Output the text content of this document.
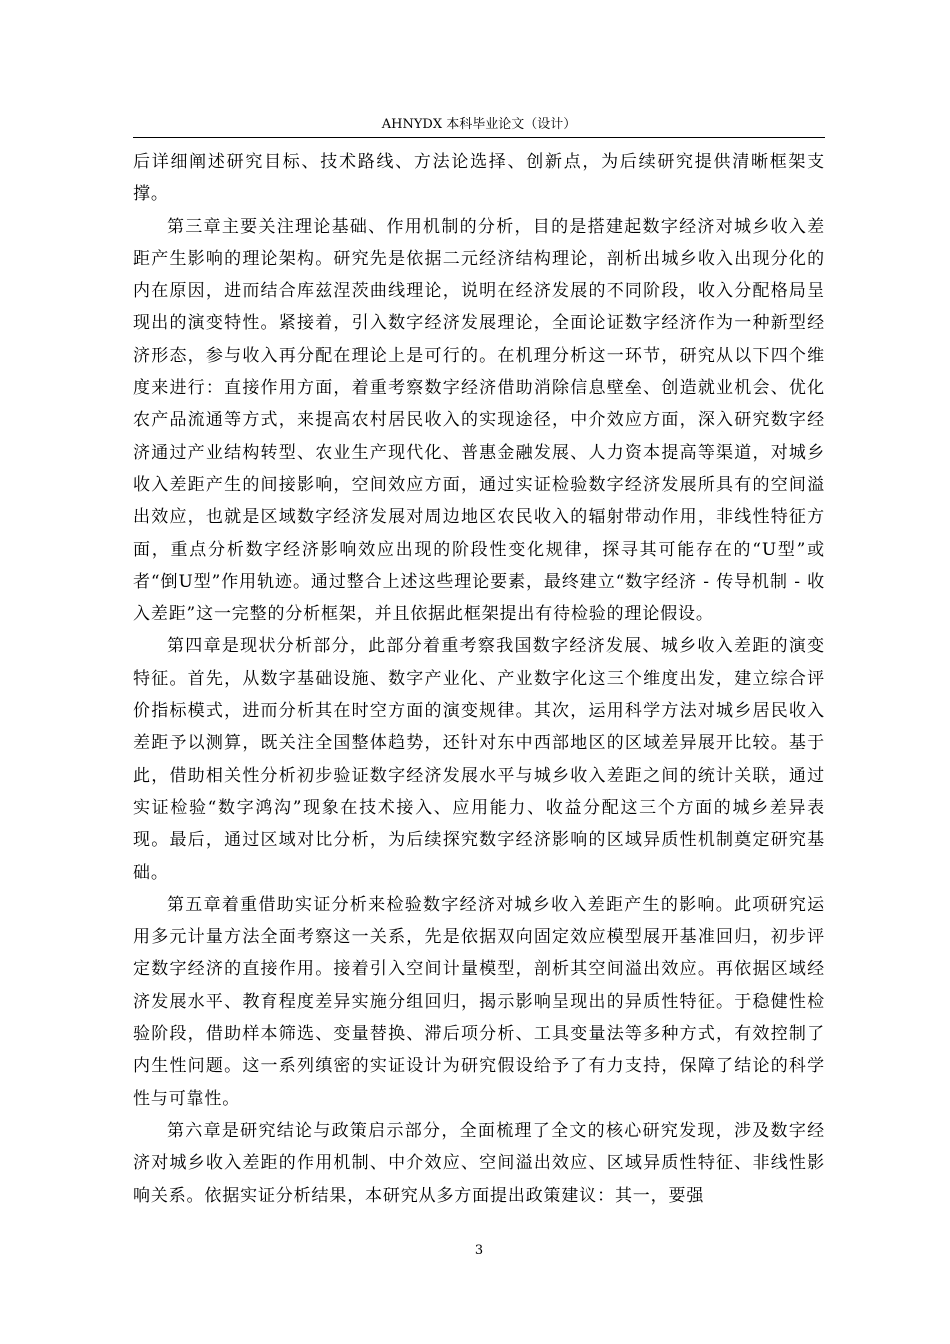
AHNYDX 本科毕业论文（设计）

后详细阐述研究目标、技术路线、方法论选择、创新点，为后续研究提供清晰框架支撑。

第三章主要关注理论基础、作用机制的分析，目的是搭建起数字经济对城乡收入差距产生影响的理论架构。研究先是依据二元经济结构理论，剖析出城乡收入出现分化的内在原因，进而结合库兹涅茨曲线理论，说明在经济发展的不同阶段，收入分配格局呈现出的演变特性。紧接着，引入数字经济发展理论，全面论证数字经济作为一种新型经济形态，参与收入再分配在理论上是可行的。在机理分析这一环节，研究从以下四个维度来进行：直接作用方面，着重考察数字经济借助消除信息壁垒、创造就业机会、优化农产品流通等方式，来提高农村居民收入的实现途径，中介效应方面，深入研究数字经济通过产业结构转型、农业生产现代化、普惠金融发展、人力资本提高等渠道，对城乡收入差距产生的间接影响，空间效应方面，通过实证检验数字经济发展所具有的空间溢出效应，也就是区域数字经济发展对周边地区农民收入的辐射带动作用，非线性特征方面，重点分析数字经济影响效应出现的阶段性变化规律，探寻其可能存在的“U型”或者“倒U型”作用轨迹。通过整合上述这些理论要素，最终建立“数字经济 - 传导机制 - 收入差距”这一完整的分析框架，并且依据此框架提出有待检验的理论假设。

第四章是现状分析部分，此部分着重考察我国数字经济发展、城乡收入差距的演变特征。首先，从数字基础设施、数字产业化、产业数字化这三个维度出发，建立综合评价指标模式，进而分析其在时空方面的演变规律。其次，运用科学方法对城乡居民收入差距予以测算，既关注全国整体趋势，还针对东中西部地区的区域差异展开比较。基于此，借助相关性分析初步验证数字经济发展水平与城乡收入差距之间的统计关联，通过实证检验“数字鸿沟”现象在技术接入、应用能力、收益分配这三个方面的城乡差异表现。最后，通过区域对比分析，为后续探究数字经济影响的区域异质性机制奠定研究基础。

第五章着重借助实证分析来检验数字经济对城乡收入差距产生的影响。此项研究运用多元计量方法全面考察这一关系，先是依据双向固定效应模型展开基准回归，初步评定数字经济的直接作用。接着引入空间计量模型，剖析其空间溢出效应。再依据区域经济发展水平、教育程度差异实施分组回归，揭示影响呈现出的异质性特征。于稳健性检验阶段，借助样本筛选、变量替换、滞后项分析、工具变量法等多种方式，有效控制了内生性问题。这一系列缜密的实证设计为研究假设给予了有力支持，保障了结论的科学性与可靠性。

第六章是研究结论与政策启示部分，全面梳理了全文的核心研究发现，涉及数字经济对城乡收入差距的作用机制、中介效应、空间溢出效应、区域异质性特征、非线性影响关系。依据实证分析结果，本研究从多方面提出政策建议：其一，要强

3
